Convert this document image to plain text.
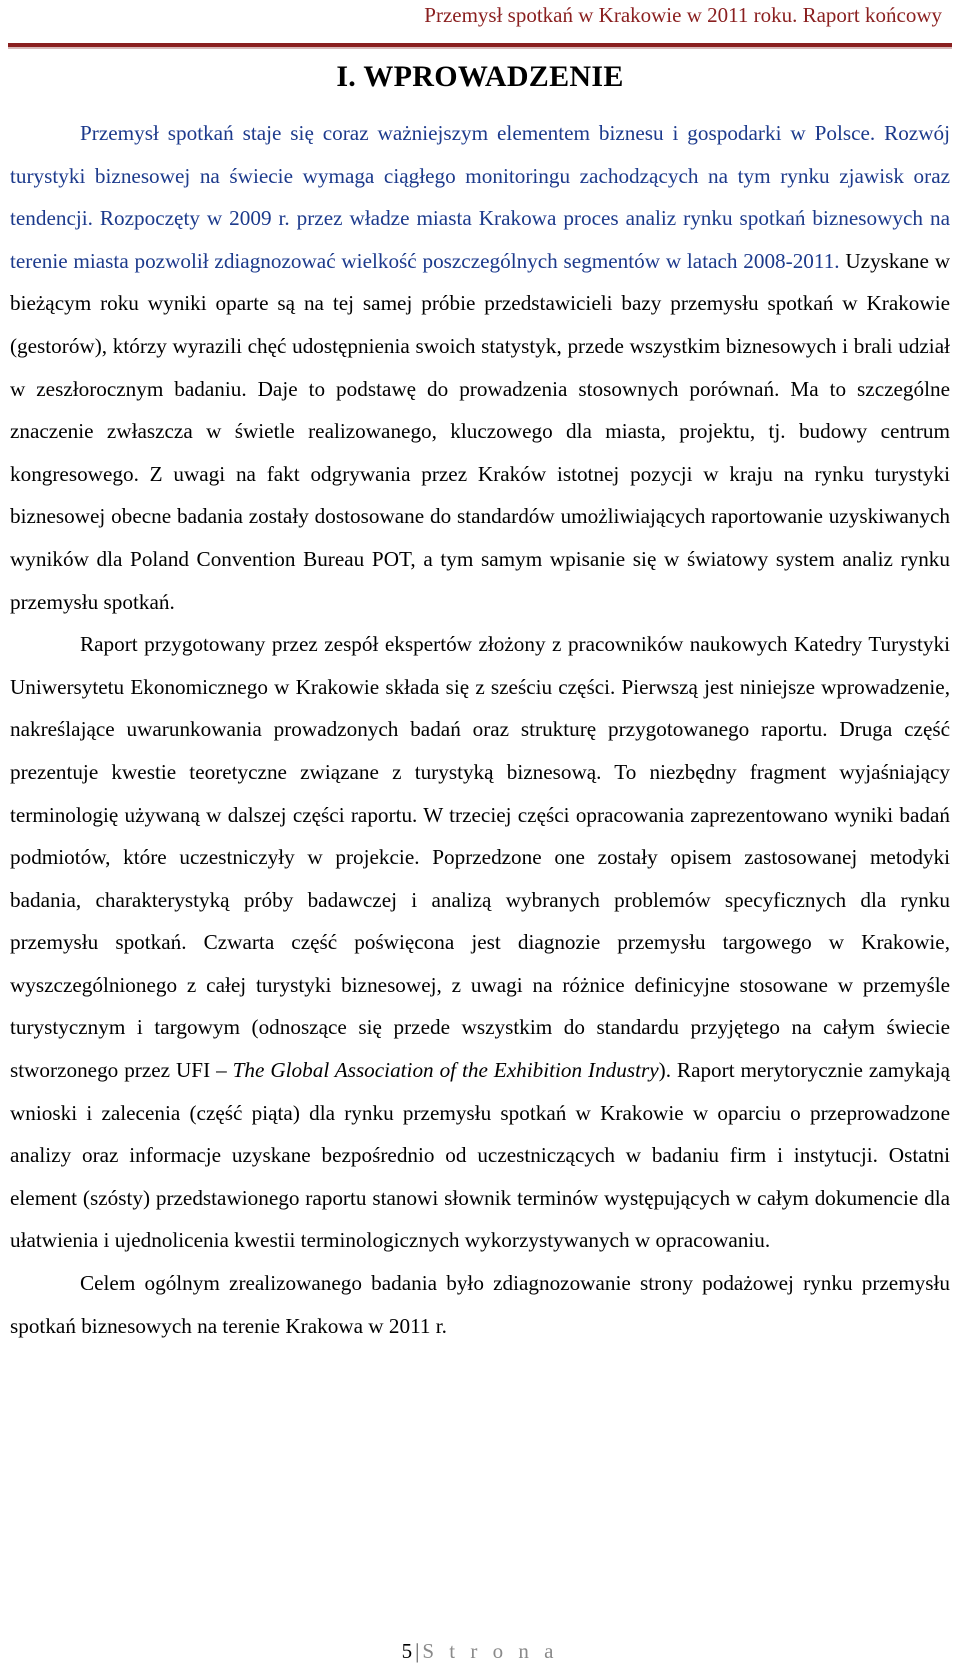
Przemysł spotkań w Krakowie w 2011 roku. Raport końcowy
I. WPROWADZENIE

Przemysł spotkań staje się coraz ważniejszym elementem biznesu i gospodarki w Polsce. Rozwój turystyki biznesowej na świecie wymaga ciągłego monitoringu zachodzących na tym rynku zjawisk oraz tendencji. Rozpoczęty w 2009 r. przez władze miasta Krakowa proces analiz rynku spotkań biznesowych na terenie miasta pozwolił zdiagnozować wielkość poszczególnych segmentów w latach 2008-2011. Uzyskane w bieżącym roku wyniki oparte są na tej samej próbie przedstawicieli bazy przemysłu spotkań w Krakowie (gestorów), którzy wyrazili chęć udostępnienia swoich statystyk, przede wszystkim biznesowych i brali udział w zeszłorocznym badaniu. Daje to podstawę do prowadzenia stosownych porównań. Ma to szczególne znaczenie zwłaszcza w świetle realizowanego, kluczowego dla miasta, projektu, tj. budowy centrum kongresowego. Z uwagi na fakt odgrywania przez Kraków istotnej pozycji w kraju na rynku turystyki biznesowej obecne badania zostały dostosowane do standardów umożliwiających raportowanie uzyskiwanych wyników dla Poland Convention Bureau POT, a tym samym wpisanie się w światowy system analiz rynku przemysłu spotkań.

Raport przygotowany przez zespół ekspertów złożony z pracowników naukowych Katedry Turystyki Uniwersytetu Ekonomicznego w Krakowie składa się z sześciu części. Pierwszą jest niniejsze wprowadzenie, nakreślające uwarunkowania prowadzonych badań oraz strukturę przygotowanego raportu. Druga część prezentuje kwestie teoretyczne związane z turystyką biznesową. To niezbędny fragment wyjaśniający terminologię używaną w dalszej części raportu. W trzeciej części opracowania zaprezentowano wyniki badań podmiotów, które uczestniczyły w projekcie. Poprzedzone one zostały opisem zastosowanej metodyki badania, charakterystyką próby badawczej i analizą wybranych problemów specyficznych dla rynku przemysłu spotkań. Czwarta część poświęcona jest diagnozie przemysłu targowego w Krakowie, wyszczególnionego z całej turystyki biznesowej, z uwagi na różnice definicyjne stosowane w przemyśle turystycznym i targowym (odnoszące się przede wszystkim do standardu przyjętego na całym świecie stworzonego przez UFI – The Global Association of the Exhibition Industry). Raport merytorycznie zamykają wnioski i zalecenia (część piąta) dla rynku przemysłu spotkań w Krakowie w oparciu o przeprowadzone analizy oraz informacje uzyskane bezpośrednio od uczestniczących w badaniu firm i instytucji. Ostatni element (szósty) przedstawionego raportu stanowi słownik terminów występujących w całym dokumencie dla ułatwienia i ujednolicenia kwestii terminologicznych wykorzystywanych w opracowaniu.

Celem ogólnym zrealizowanego badania było zdiagnozowanie strony podażowej rynku przemysłu spotkań biznesowych na terenie Krakowa w 2011 r.

5 | S t r o n a
